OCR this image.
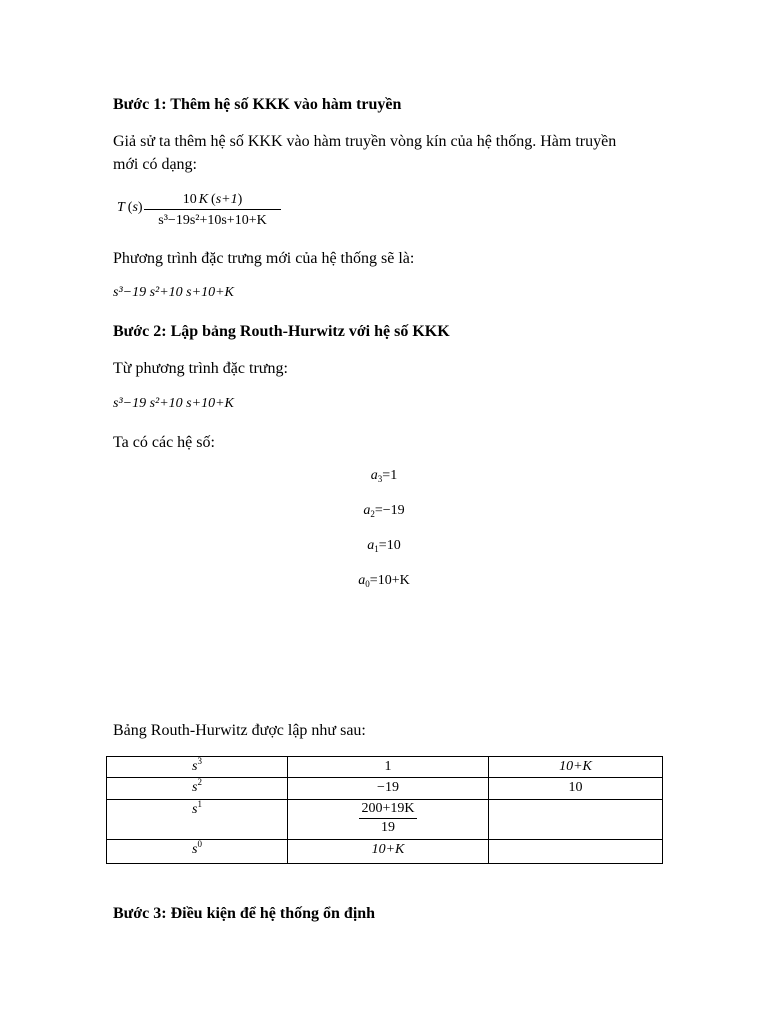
Bước 1: Thêm hệ số KKK vào hàm truyền
Giả sử ta thêm hệ số KKK vào hàm truyền vòng kín của hệ thống. Hàm truyền mới có dạng:
T $(s) \frac{10 K (s+1)}{\text{s³−19s²+10s+10+K}}$
Phương trình đặc trưng mới của hệ thống sẽ là:
s³−19 s²+10 s+10+K
Bước 2: Lập bảng Routh-Hurwitz với hệ số KKK
Từ phương trình đặc trưng:
s³−19 s²+10 s+10+K
Ta có các hệ số:
$a_3=1$
$a_2=-19$
$a_1=10$
$a_0=10+K$
Bảng Routh-Hurwitz được lập như sau:
$s^3$	1	10+K
$s^2$	−19	10
$s^1$	$\frac{200+19K}{19}$

$s^0$	10+K	
Bước 3: Điều kiện để hệ thống ổn định
